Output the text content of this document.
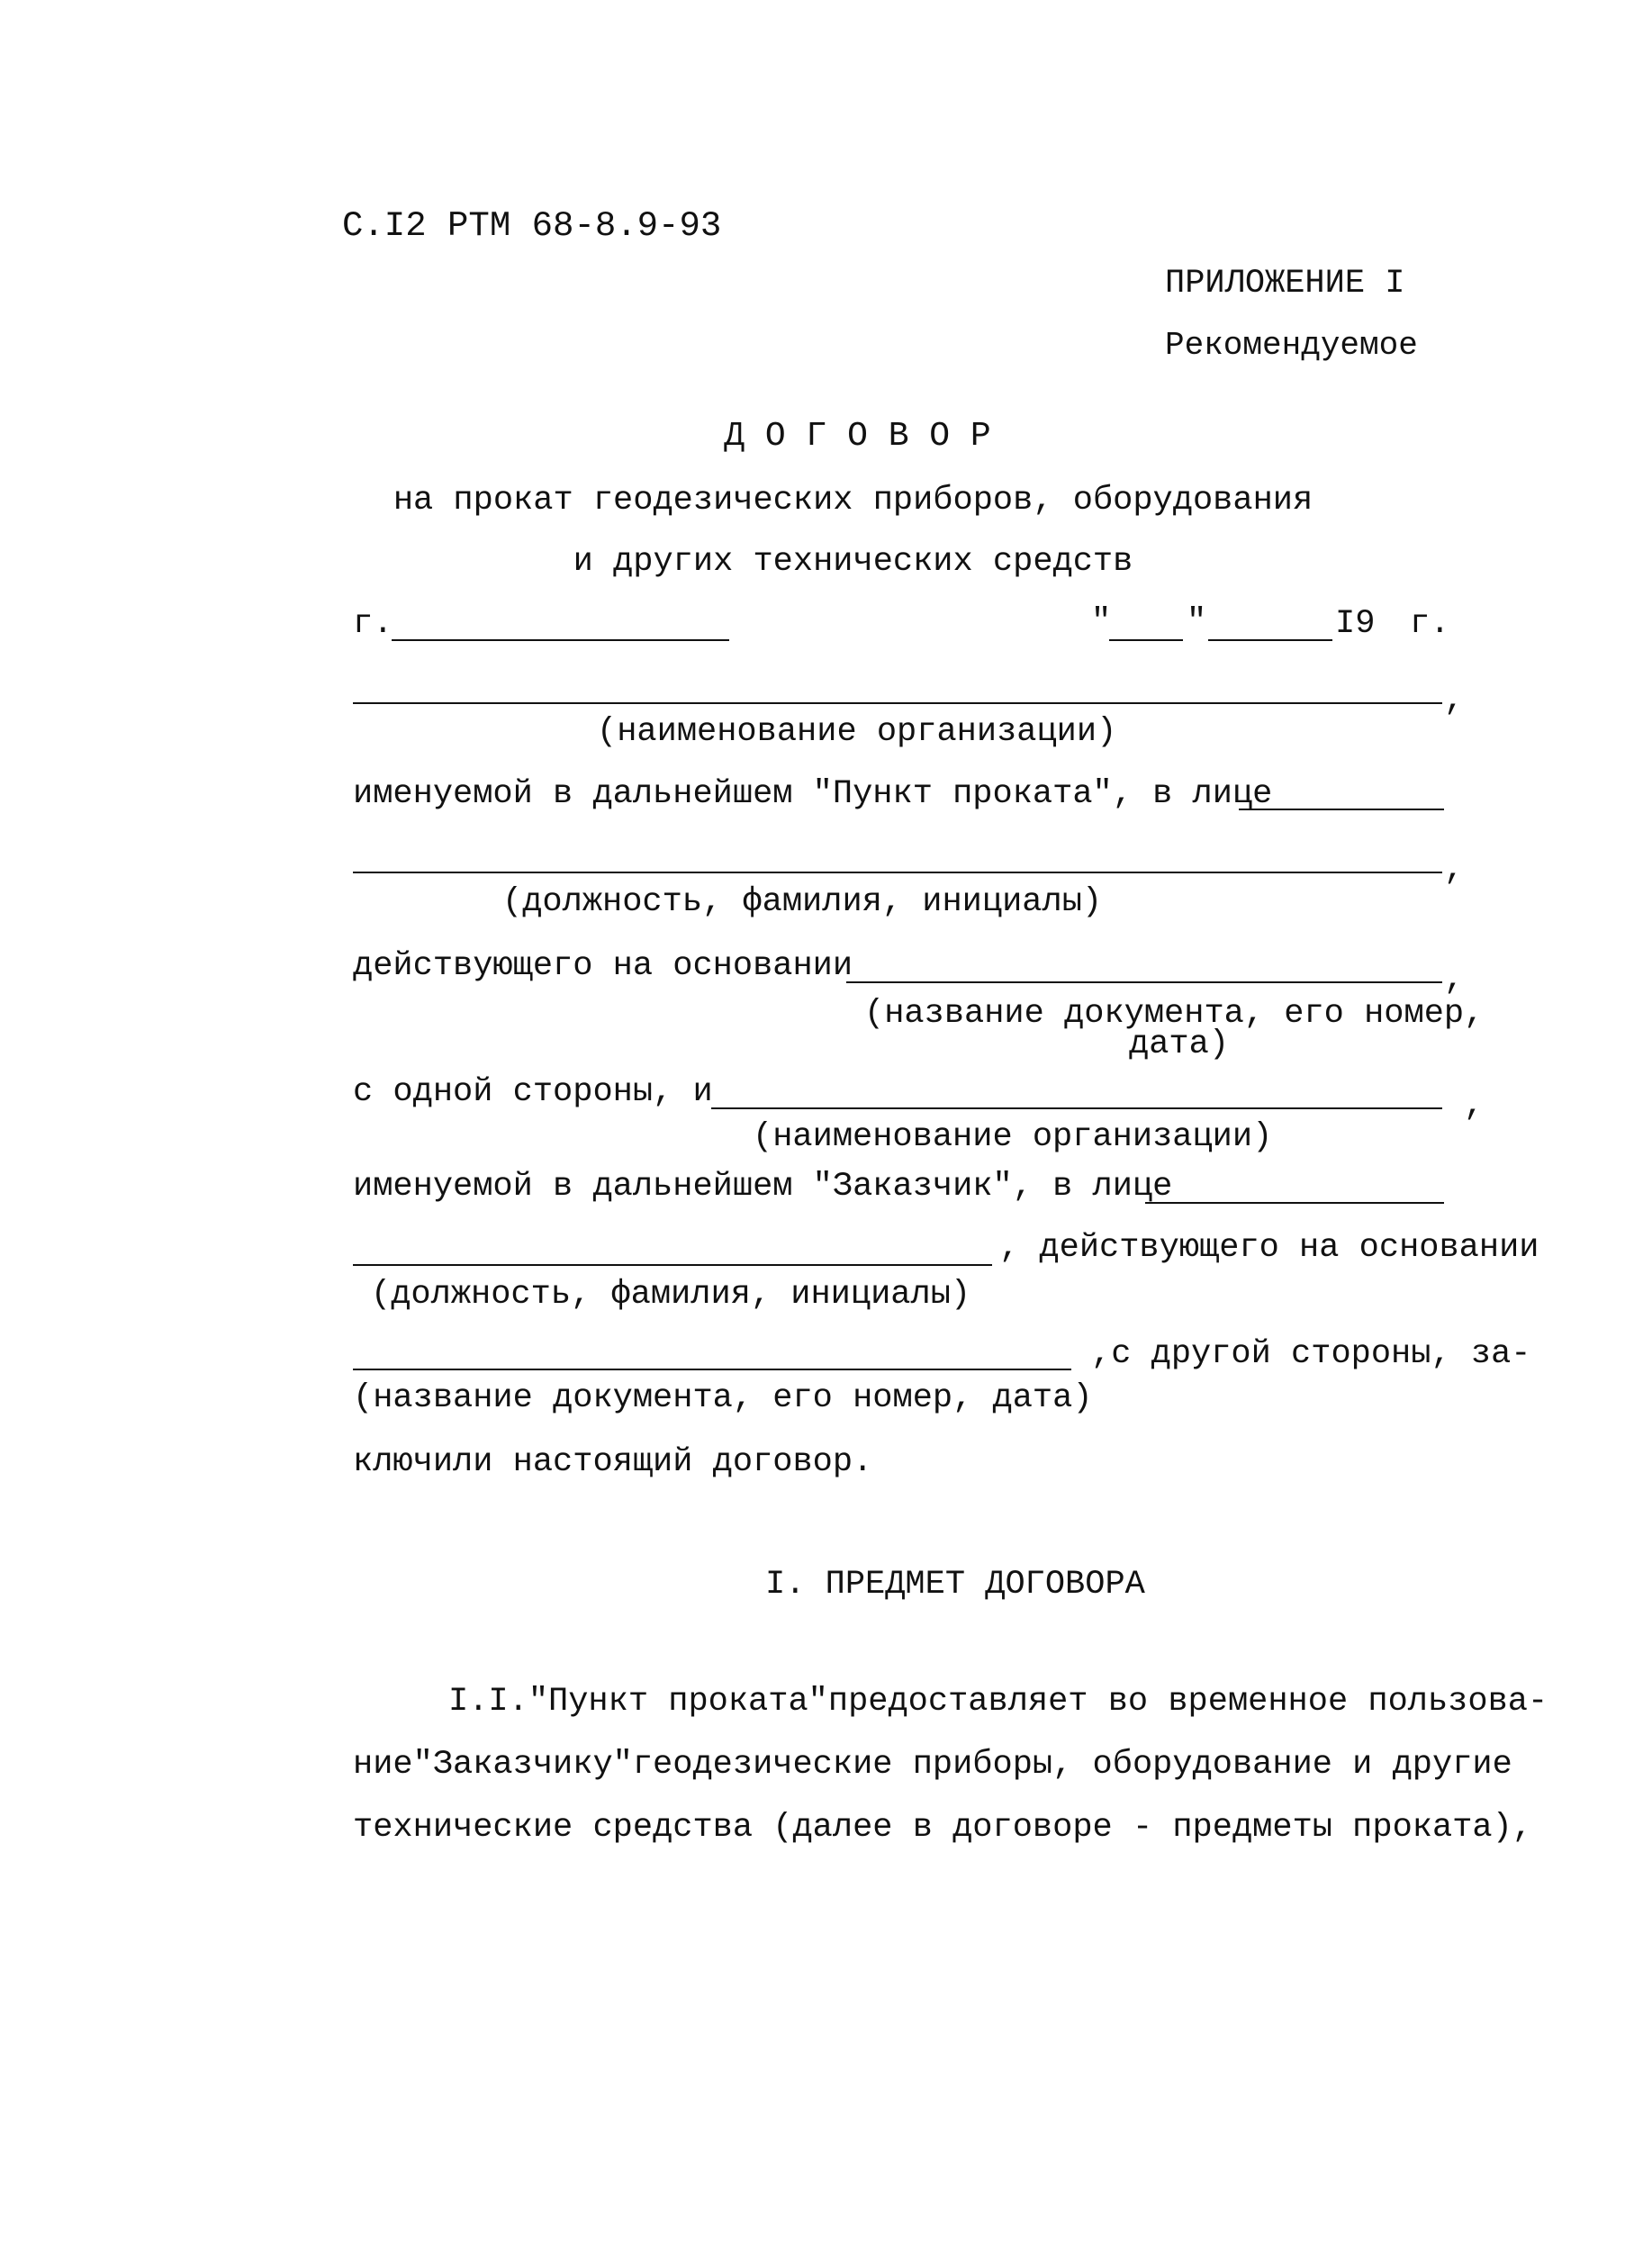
С.I2 РТМ 68-8.9-93
ПРИЛОЖЕНИЕ I
Рекомендуемое
Д О Г О В О Р
на прокат геодезических приборов, оборудования
и других технических средств
г.	" "	I9 г.
,
(наименование организации)
именуемой в дальнейшем "Пункт проката", в лице
,
(должность, фамилия, инициалы)
действующего на основании	,
(название документа, его номер,
дата)
с одной стороны, и	,
(наименование организации)
именуемой в дальнейшем "Заказчик", в лице
, действующего на основании
(должность, фамилия, инициалы)
,с другой стороны, за-
(название документа, его номер, дата)
ключили настоящий договор.
I. ПРЕДМЕТ ДОГОВОРА
I.I."Пункт проката"предоставляет во временное пользова-
ние"Заказчику"геодезические приборы, оборудование и другие
технические средства (далее в договоре - предметы проката),
